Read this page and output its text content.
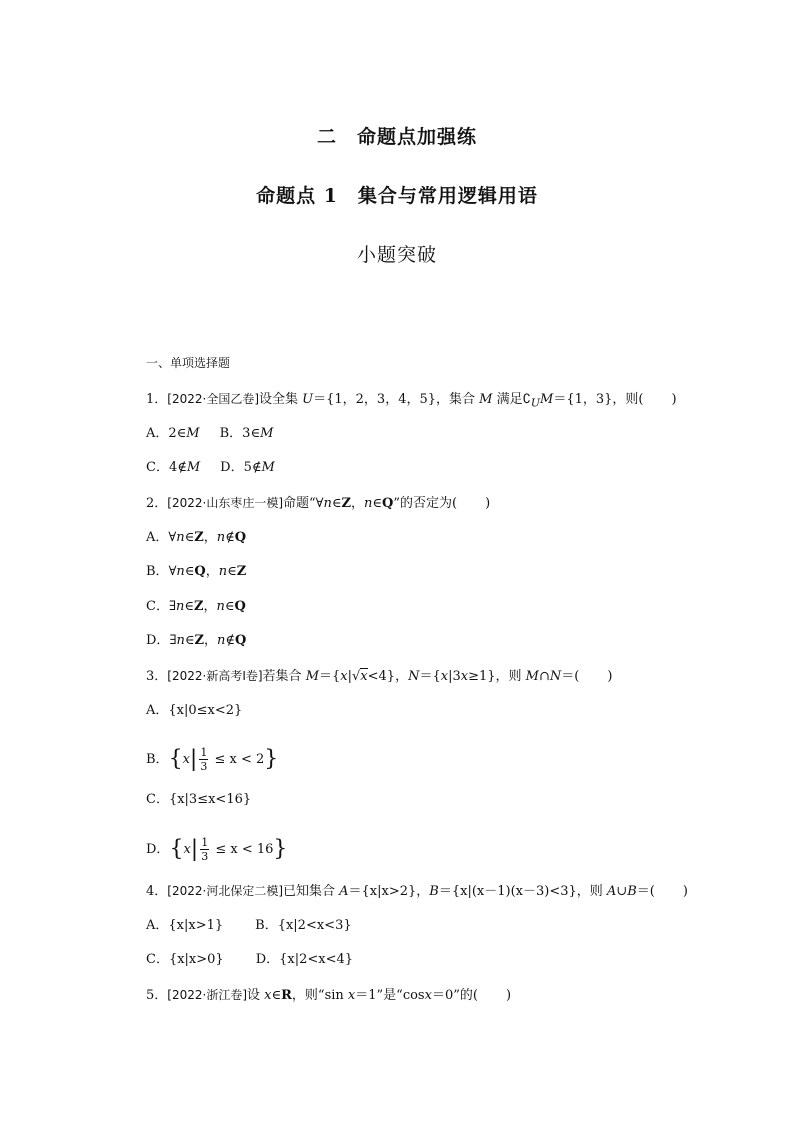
二　命题点加强练
命题点 1　集合与常用逻辑用语
小题突破
一、单项选择题
1．[2022·全国乙卷]设全集 U＝{1，2，3，4，5}，集合 M 满足$∁_UM=\{1$，3}，则( )
A．2∈M B．3∈M
C．4∉M D．5∉M
2．[2022·山东枣庄一模]命题“∀n∈Z，n∈Q”的否定为( )
A．∀n∈Z，n∉Q
B．∀n∈Q，n∈Z
C．∃n∈Z，n∈Q
D．∃n∈Z，n∉Q
3．[2022·新高考Ⅰ卷]若集合 M＝{x|√x<4}，N＝{x|3x≥1}，则 M∩N＝( )
A．{x|0≤x<2}
B．$\{x| \frac{1}{3} \le x < 2\}$
C．{x|3≤x<16}
D．$\{x| \frac{1}{3} \le x < 16\}$
4．[2022·河北保定二模]已知集合 A＝{x|x>2}，B＝{x|(x－1)(x－3)<3}，则 A∪B＝( )
A．{x|x>1} B．{x|2<x<3}
C．{x|x>0} D．{x|2<x<4}
5．[2022·浙江卷]设 x∈R，则“sin x＝1”是“cosx＝0”的( )
